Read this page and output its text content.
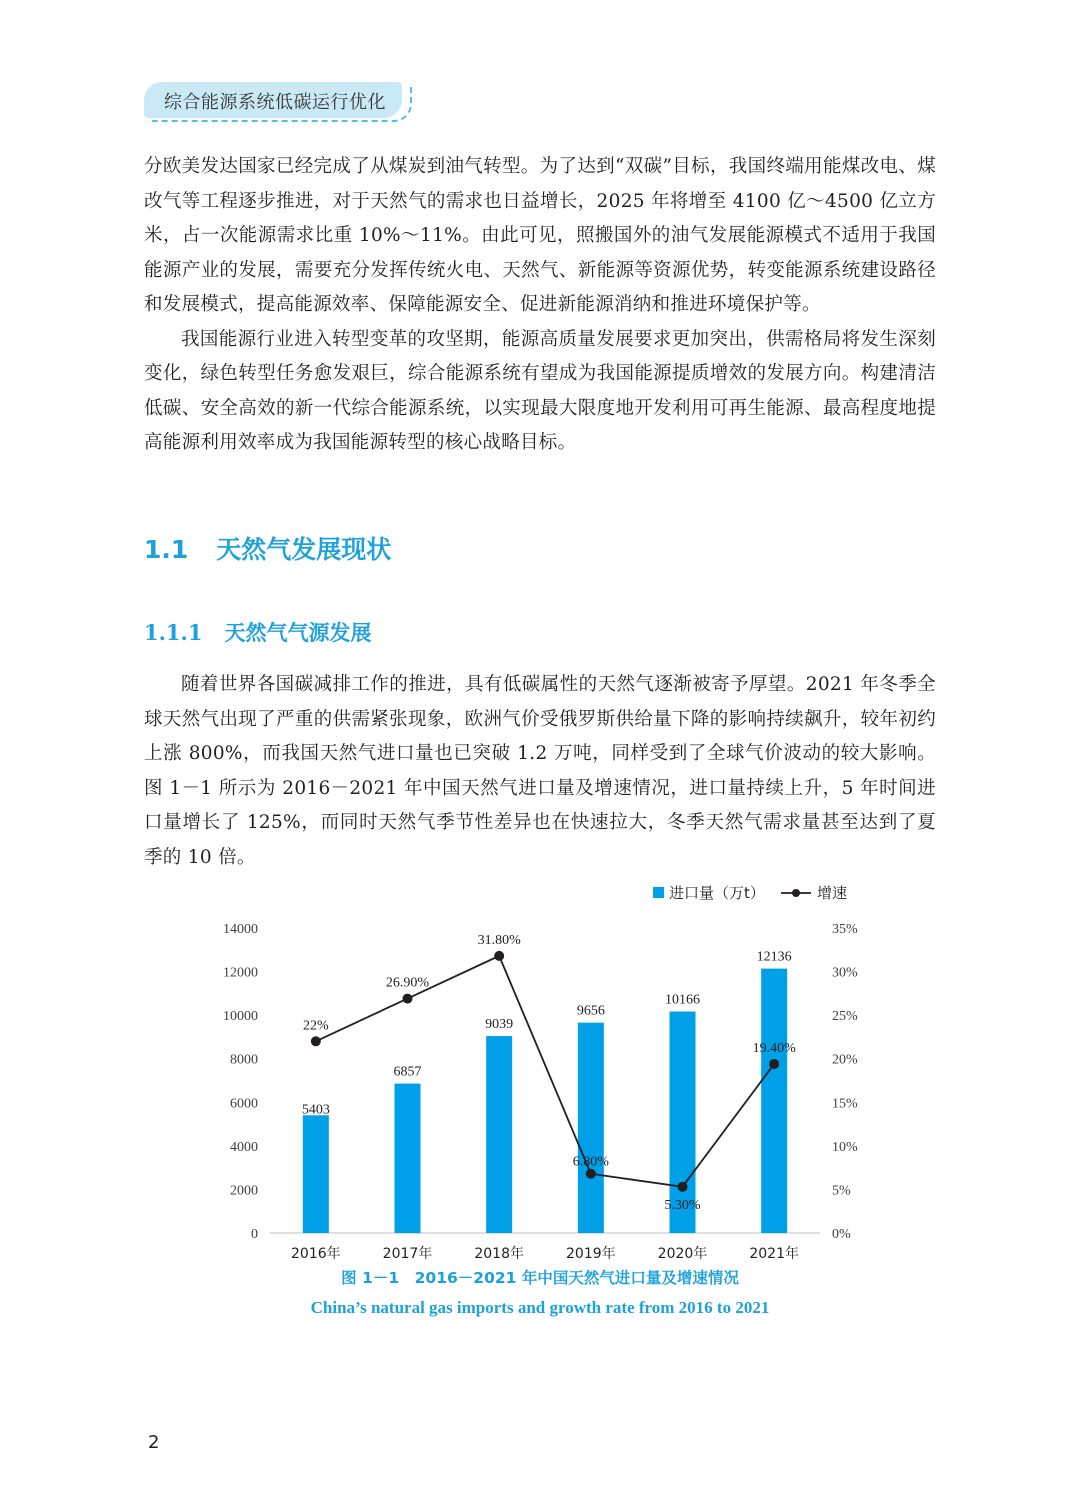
综合能源系统低碳运行优化

分欧美发达国家已经完成了从煤炭到油气转型。为了达到“双碳”目标，我国终端用能煤改电、煤改气等工程逐步推进，对于天然气的需求也日益增长，2025 年将增至 4100 亿～4500 亿立方米，占一次能源需求比重 10%～11%。由此可见，照搬国外的油气发展能源模式不适用于我国能源产业的发展，需要充分发挥传统火电、天然气、新能源等资源优势，转变能源系统建设路径和发展模式，提高能源效率、保障能源安全、促进新能源消纳和推进环境保护等。

我国能源行业进入转型变革的攻坚期，能源高质量发展要求更加突出，供需格局将发生深刻变化，绿色转型任务愈发艰巨，综合能源系统有望成为我国能源提质增效的发展方向。构建清洁低碳、安全高效的新一代综合能源系统，以实现最大限度地开发利用可再生能源、最高程度地提高能源利用效率成为我国能源转型的核心战略目标。

1.1 天然气发展现状
1.1.1 天然气气源发展

随着世界各国碳减排工作的推进，具有低碳属性的天然气逐渐被寄予厚望。2021 年冬季全球天然气出现了严重的供需紧张现象，欧洲气价受俄罗斯供给量下降的影响持续飙升，较年初约上涨 800%，而我国天然气进口量也已突破 1.2 万吨，同样受到了全球气价波动的较大影响。图 1－1 所示为 2016－2021 年中国天然气进口量及增速情况，进口量持续上升，5 年时间进口量增长了 125%，而同时天然气季节性差异也在快速拉大，冬季天然气需求量甚至达到了夏季的 10 倍。

0
2000
4000
6000
8000
10000
12000
14000
0%
5%
10%
15%
20%
25%
30%
35%
5403
6857
9039
9656
10166
12136
2016年	2017年	2018年	2019年	2020年	2021年
22%
26.90%
31.80%
6.80%
5.30%
19.40%
进口量（万t）	增速
图 1－1　2016－2021 年中国天然气进口量及增速情况
China’s natural gas imports and growth rate from 2016 to 2021
2
